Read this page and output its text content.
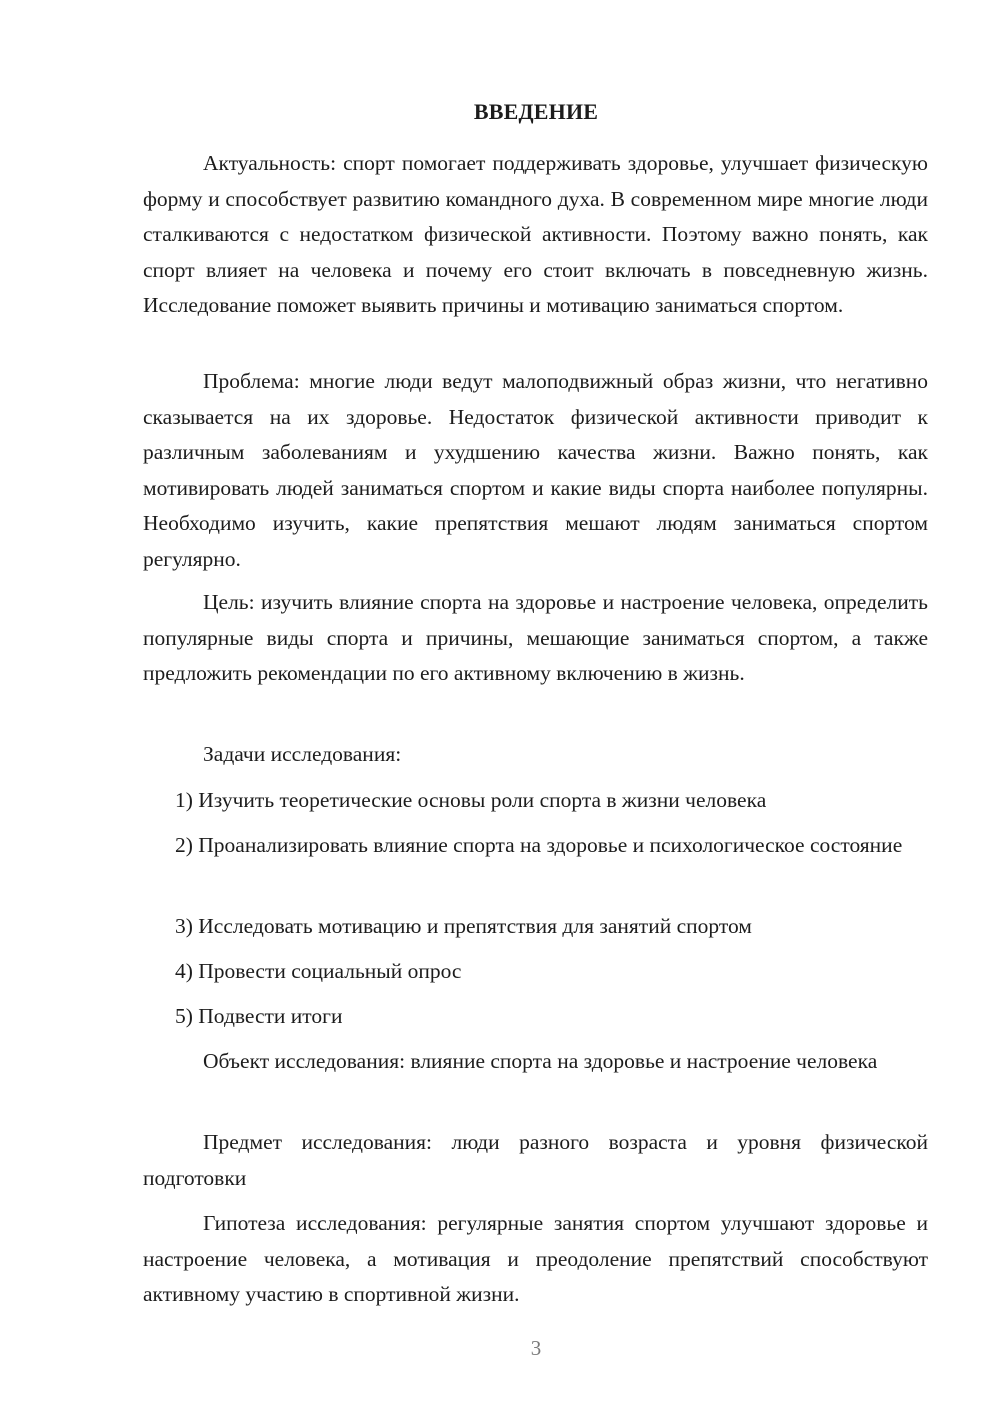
ВВЕДЕНИЕ

Актуальность: спорт помогает поддерживать здоровье, улучшает физическую форму и способствует развитию командного духа. В современном мире многие люди сталкиваются с недостатком физической активности. Поэтому важно понять, как спорт влияет на человека и почему его стоит включать в повседневную жизнь. Исследование поможет выявить причины и мотивацию заниматься спортом.

Проблема: многие люди ведут малоподвижный образ жизни, что негативно сказывается на их здоровье. Недостаток физической активности приводит к различным заболеваниям и ухудшению качества жизни. Важно понять, как мотивировать людей заниматься спортом и какие виды спорта наиболее популярны. Необходимо изучить, какие препятствия мешают людям заниматься спортом регулярно.

Цель: изучить влияние спорта на здоровье и настроение человека, определить популярные виды спорта и причины, мешающие заниматься спортом, а также предложить рекомендации по его активному включению в жизнь.

Задачи исследования:

1) Изучить теоретические основы роли спорта в жизни человека

2) Проанализировать влияние спорта на здоровье и психологическое состояние

3) Исследовать мотивацию и препятствия для занятий спортом

4) Провести социальный опрос

5) Подвести итоги

Объект исследования: влияние спорта на здоровье и настроение человека

Предмет исследования: люди разного возраста и уровня физической подготовки

Гипотеза исследования: регулярные занятия спортом улучшают здоровье и настроение человека, а мотивация и преодоление препятствий способствуют активному участию в спортивной жизни.

3
